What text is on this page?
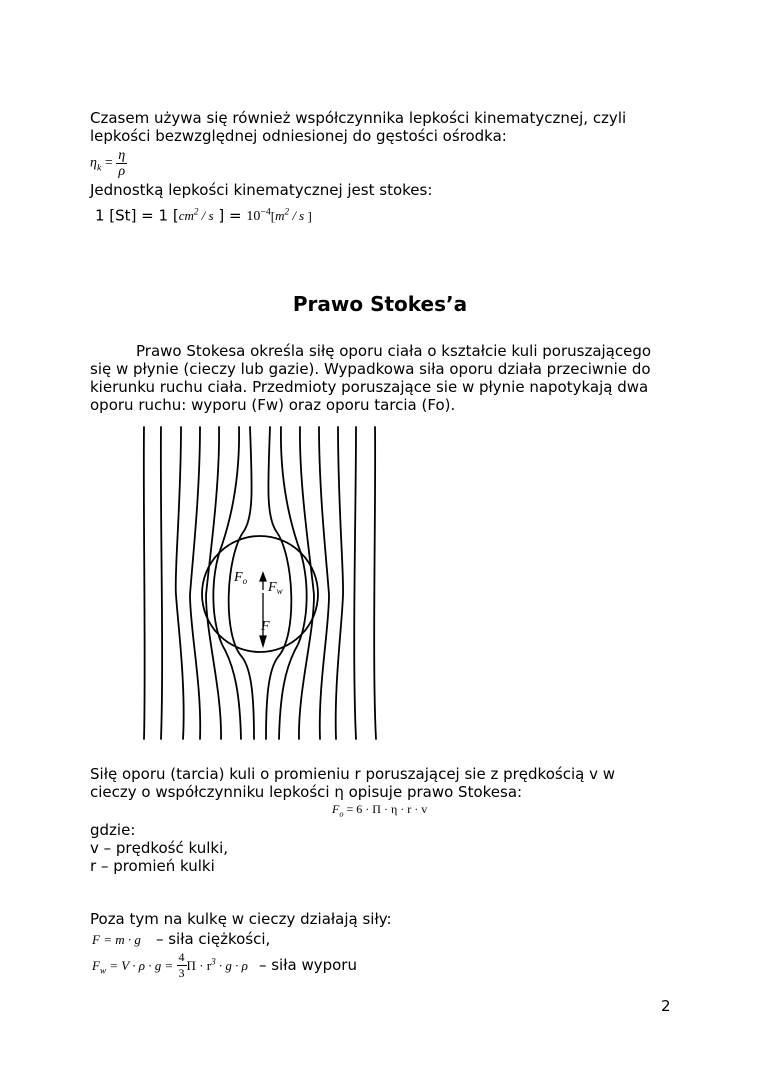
Czasem używa się również współczynnika lepkości kinematycznej, czyli
lepkości bezwzględnej odniesionej do gęstości ośrodka:
$\eta_k = \frac{\eta}{\rho}$
Jednostką lepkości kinematycznej jest stokes:
1 [St] = 1 [$cm^2$ / s ] = $10^{-4}[m^2$ / s ]
Prawo Stokes’a
Prawo Stokesa określa siłę oporu ciała o kształcie kuli poruszającego
się w płynie (cieczy lub gazie). Wypadkowa siła oporu działa przeciwnie do
kierunku ruchu ciała. Przedmioty poruszające sie w płynie napotykają dwa
oporu ruchu: wyporu (Fw) oraz oporu tarcia (Fo).
$F_o$ $F_w$
F
Siłę oporu (tarcia) kuli o promieniu r poruszającej sie z prędkością v w
cieczy o współczynniku lepkości η opisuje prawo Stokesa:
$F_o = 6 \cdot \Pi \cdot \eta \cdot r \cdot v$
gdzie:
v – prędkość kulki,
r – promień kulki
Poza tym na kulkę w cieczy działają siły:
F = m · g – siła ciężkości,
$F_w = V \cdot \rho \cdot g = \frac{4}{3}$ $\Pi \cdot r^3 \cdot g \cdot \rho$ – siła wyporu
2
